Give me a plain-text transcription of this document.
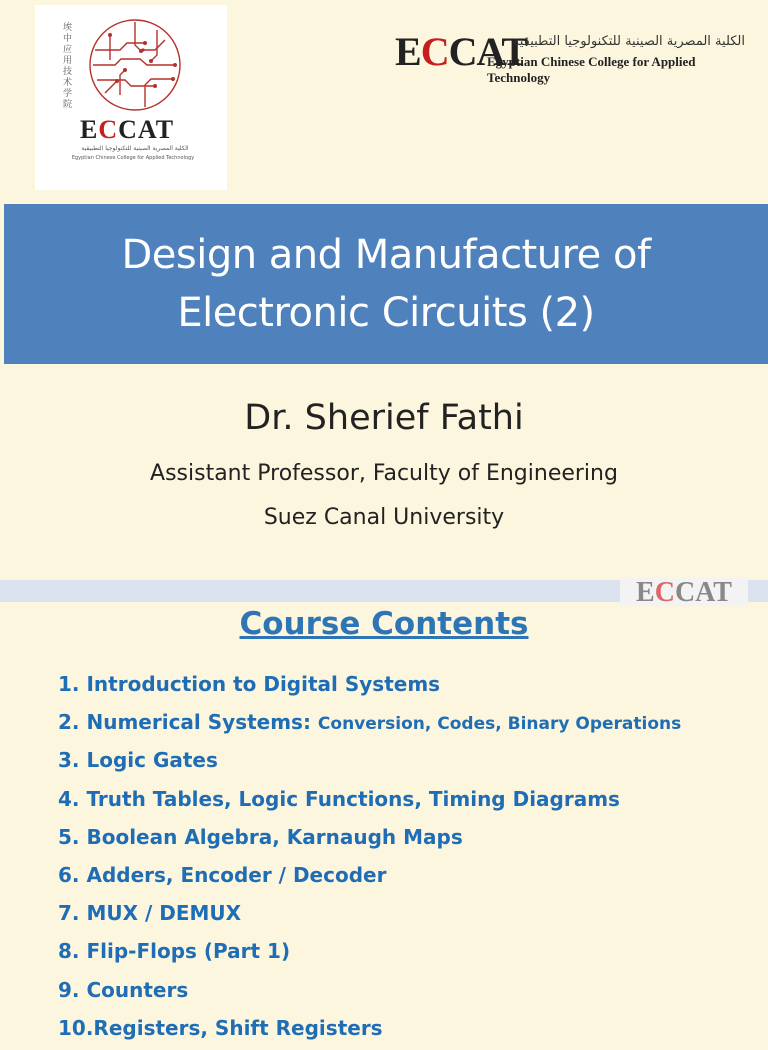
埃中应用技术学院
ECCAT
الكلية المصرية الصينية للتكنولوجيا التطبيقية
Egyptian Chinese College for Applied Technology
ECCAT
الكلية المصرية الصينية للتكنولوجيا التطبيقية
Egyptian Chinese College for Applied Technology
Design and Manufacture of
Electronic Circuits (2)
Dr. Sherief Fathi
Assistant Professor, Faculty of Engineering
Suez Canal University
ECCAT
Course Contents
1. Introduction to Digital Systems
2. Numerical Systems: Conversion, Codes, Binary Operations
3. Logic Gates
4. Truth Tables, Logic Functions, Timing Diagrams
5. Boolean Algebra, Karnaugh Maps
6. Adders, Encoder / Decoder
7. MUX / DEMUX
8. Flip-Flops (Part 1)
9. Counters
10.Registers, Shift Registers
